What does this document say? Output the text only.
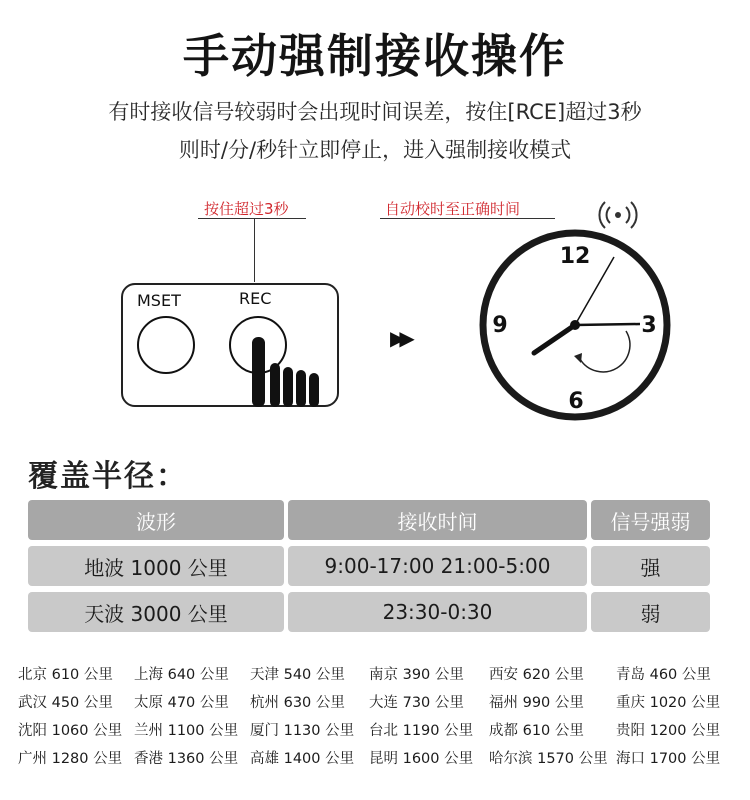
手动强制接收操作
有时接收信号较弱时会出现时间误差，按住[RCE]超过3秒
则时/分/秒针立即停止，进入强制接收模式
按住超过3秒	自动校时至正确时间
MSET	REC
▶▶
12
3
6
9
覆盖半径：
波形	接收时间	信号强弱
地波 1000 公里	9:00-17:00 21:00-5:00	强
天波 3000 公里	23:30-0:30	弱
北京 610 公里 上海 640 公里 天津 540 公里 南京 390 公里 西安 620 公里 青岛 460 公里
武汉 450 公里 太原 470 公里 杭州 630 公里 大连 730 公里 福州 990 公里 重庆 1020 公里
沈阳 1060 公里 兰州 1100 公里 厦门 1130 公里 台北 1190 公里 成都 610 公里 贵阳 1200 公里
广州 1280 公里 香港 1360 公里 高雄 1400 公里 昆明 1600 公里 哈尔滨 1570 公里 海口 1700 公里
